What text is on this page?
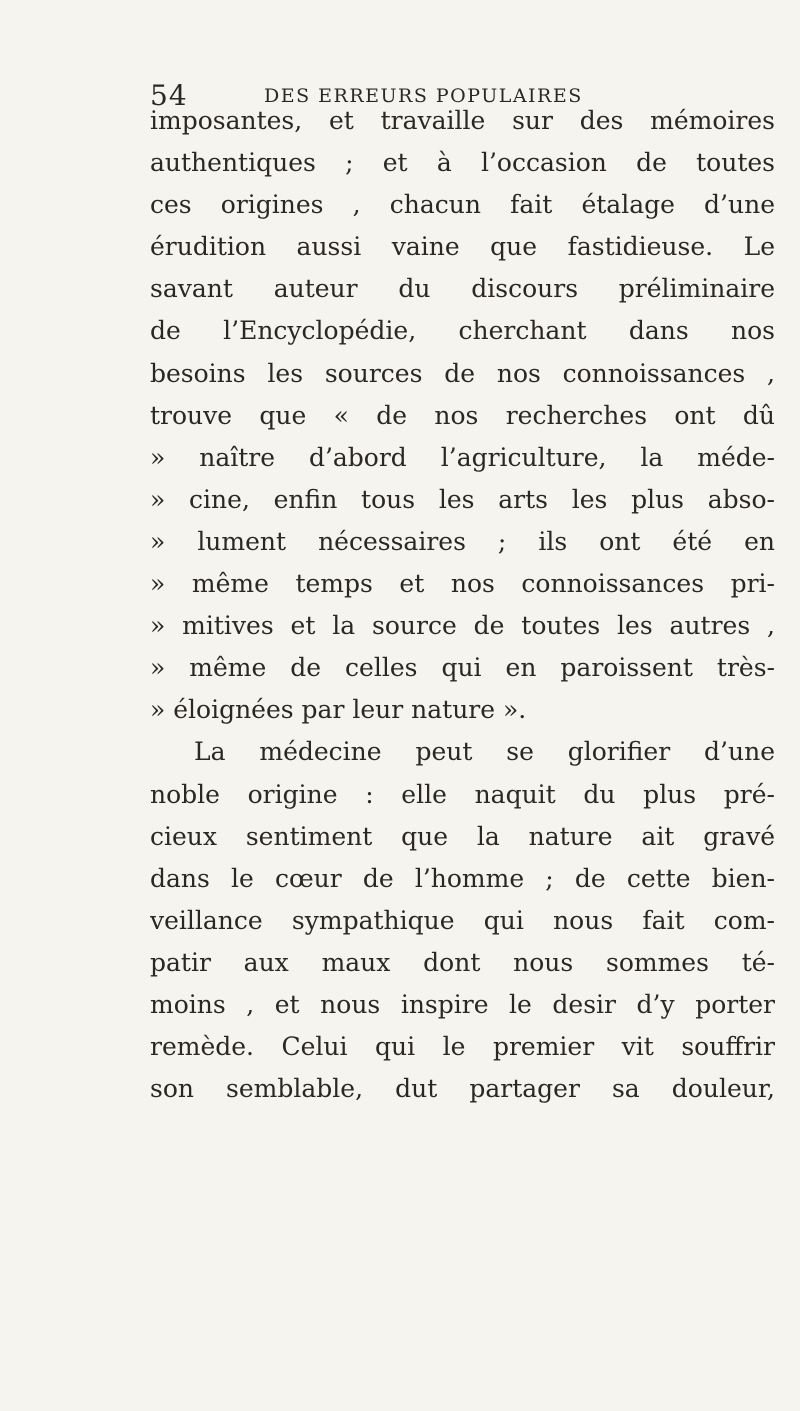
54	DES ERREURS POPULAIRES
imposantes, et travaille sur des mémoires
authentiques ; et à l’occasion de toutes
ces origines , chacun fait étalage d’une
érudition aussi vaine que fastidieuse. Le
savant auteur du discours préliminaire
de l’Encyclopédie, cherchant dans nos
besoins les sources de nos connoissances ,
trouve que « de nos recherches ont dû
» naître d’abord l’agriculture, la méde-
» cine, enfin tous les arts les plus abso-
» lument nécessaires ; ils ont été en
» même temps et nos connoissances pri-
» mitives et la source de toutes les autres ,
» même de celles qui en paroissent très-
» éloignées par leur nature ».
La médecine peut se glorifier d’une
noble origine : elle naquit du plus pré-
cieux sentiment que la nature ait gravé
dans le cœur de l’homme ; de cette bien-
veillance sympathique qui nous fait com-
patir aux maux dont nous sommes té-
moins , et nous inspire le desir d’y porter
remède. Celui qui le premier vit souffrir
son semblable, dut partager sa douleur,
